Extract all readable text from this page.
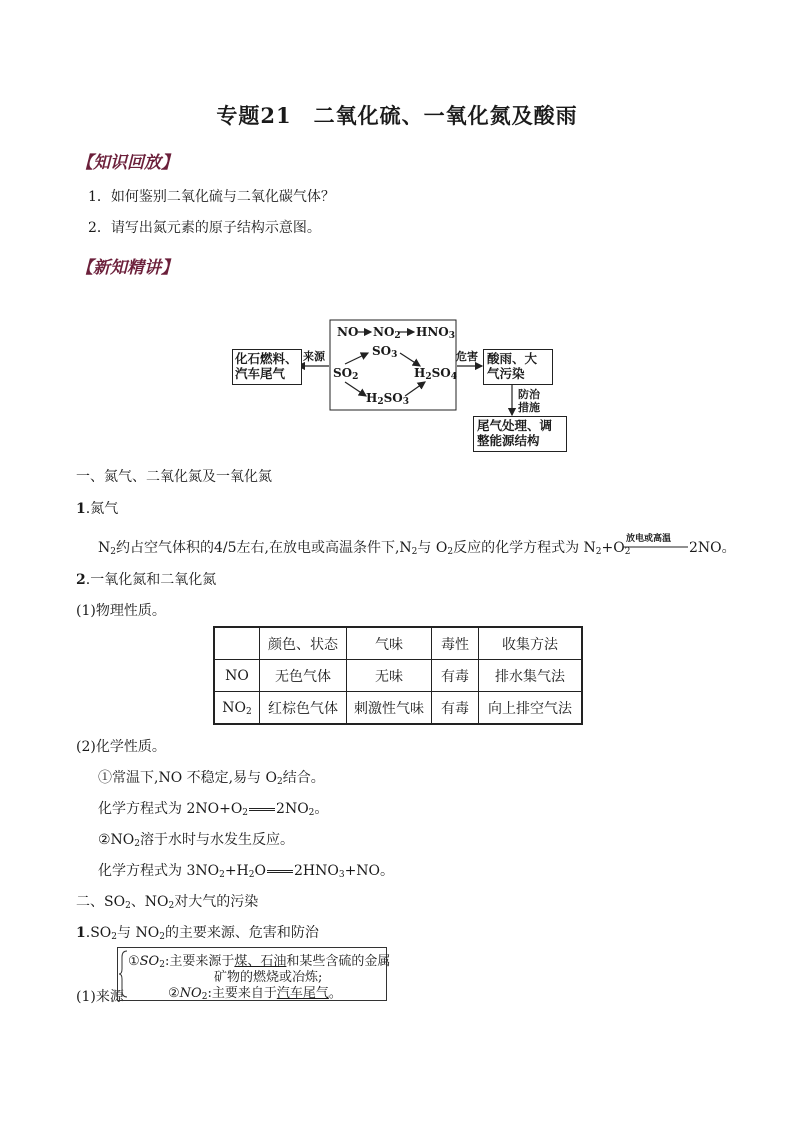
专题21　二氧化硫、一氧化氮及酸雨
【知识回放】
1．如何鉴别二氧化硫与二氧化碳气体？
2．请写出氮元素的原子结构示意图。
【新知精讲】
化石燃料、
汽车尾气
来源
NO $NO_2$ $HNO_3$
$SO_3$
$SO_2$	$H_2SO_4$
$H_2SO_3$
危害 酸雨、大
气污染
防治
措施
尾气处理、调
整能源结构
一、氮气、二氧化氮及一氧化氮
1.氮气
$N_2$约占空气体积的4/5左右,在放电或高温条件下$,N_2$与 $O_2$反应的化学方程式为 $N_2+O_2$
放电或高温
2NO。
2.一氧化氮和二氧化氮
(1)物理性质。
	颜色、状态	气味	毒性	收集方法
NO	无色气体	无味	有毒	排水集气法
$NO_2$	红棕色气体	刺激性气味	有毒	向上排空气法
(2)化学性质。
①常温下,NO 不稳定,易与 $O_2$结合。
化学方程式为 $2NO+O_2$ $2NO_2$。
$②NO_2$溶于水时与水发生反应。
化学方程式为 $3NO_2+H_2O$ $2HNO_3+NO$。
二、$SO_2$、$NO_2$对大气的污染
$1.SO_2$与 $NO_2$的主要来源、危害和防治
(1)来源
$①SO_2$:主要来源于煤、石油和某些含硫的金属
矿物的燃烧或冶炼;
$②NO_2$:主要来自于汽车尾气。
